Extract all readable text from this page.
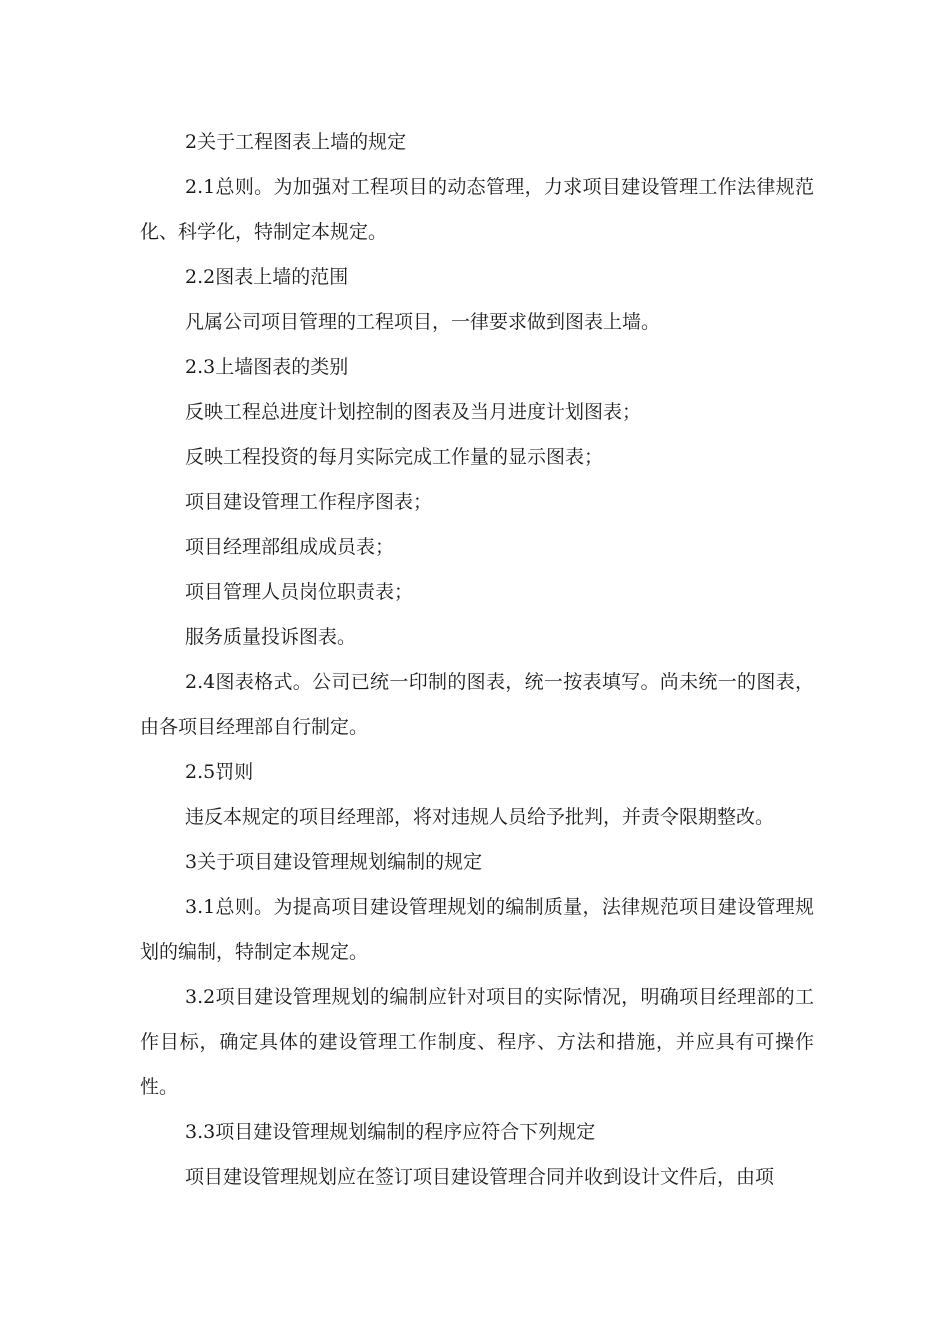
2关于工程图表上墙的规定

2.1总则。为加强对工程项目的动态管理，力求项目建设管理工作法律规范化、科学化，特制定本规定。

2.2图表上墙的范围

凡属公司项目管理的工程项目，一律要求做到图表上墙。

2.3上墙图表的类别

反映工程总进度计划控制的图表及当月进度计划图表；

反映工程投资的每月实际完成工作量的显示图表；

项目建设管理工作程序图表；

项目经理部组成成员表；

项目管理人员岗位职责表；

服务质量投诉图表。

2.4图表格式。公司已统一印制的图表，统一按表填写。尚未统一的图表，由各项目经理部自行制定。

2.5罚则

违反本规定的项目经理部，将对违规人员给予批判，并责令限期整改。

3关于项目建设管理规划编制的规定

3.1总则。为提高项目建设管理规划的编制质量，法律规范项目建设管理规划的编制，特制定本规定。

3.2项目建设管理规划的编制应针对项目的实际情况，明确项目经理部的工作目标，确定具体的建设管理工作制度、程序、方法和措施，并应具有可操作性。

3.3项目建设管理规划编制的程序应符合下列规定

项目建设管理规划应在签订项目建设管理合同并收到设计文件后，由项
